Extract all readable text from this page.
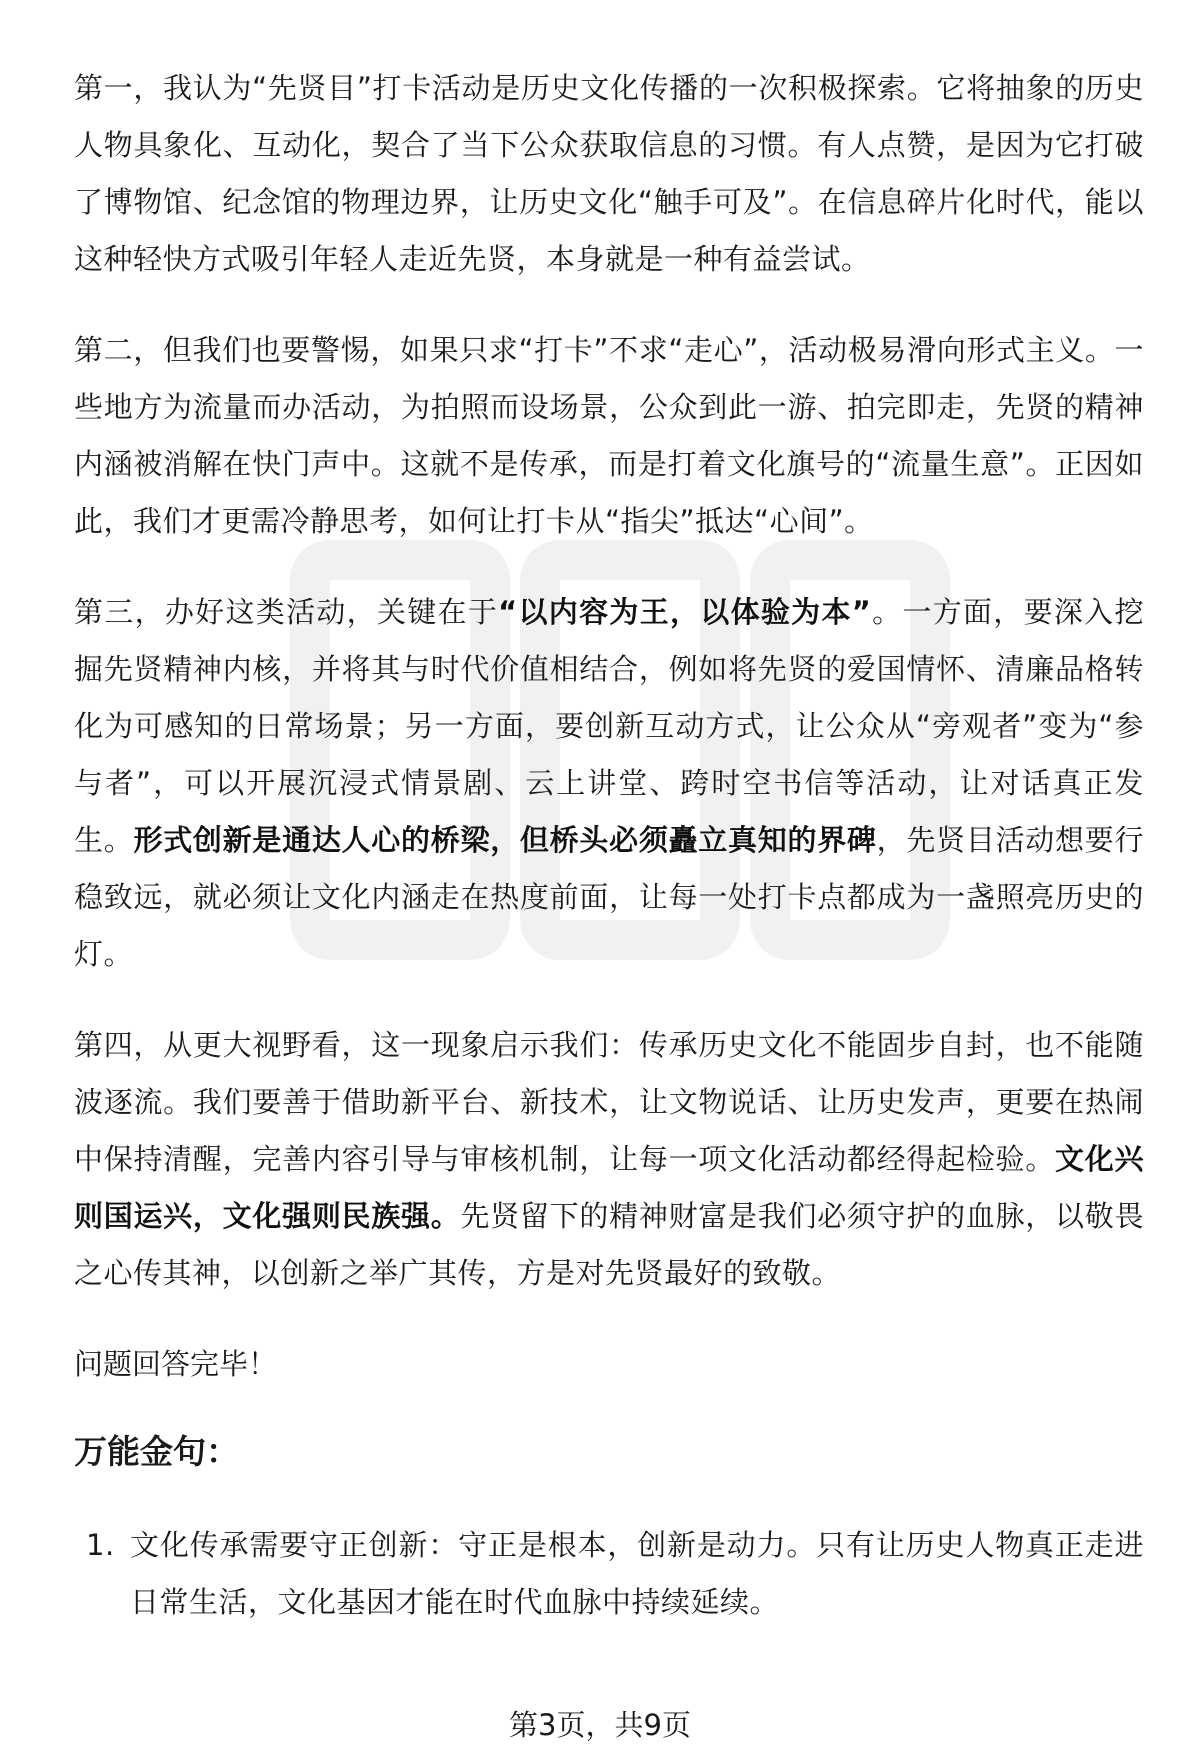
第一，我认为“先贤目”打卡活动是历史文化传播的一次积极探索。它将抽象的历史人物具象化、互动化，契合了当下公众获取信息的习惯。有人点赞，是因为它打破了博物馆、纪念馆的物理边界，让历史文化“触手可及”。在信息碎片化时代，能以这种轻快方式吸引年轻人走近先贤，本身就是一种有益尝试。

第二，但我们也要警惕，如果只求“打卡”不求“走心”，活动极易滑向形式主义。一些地方为流量而办活动，为拍照而设场景，公众到此一游、拍完即走，先贤的精神内涵被消解在快门声中。这就不是传承，而是打着文化旗号的“流量生意”。正因如此，我们才更需冷静思考，如何让打卡从“指尖”抵达“心间”。

第三，办好这类活动，关键在于“以内容为王，以体验为本”。一方面，要深入挖掘先贤精神内核，并将其与时代价值相结合，例如将先贤的爱国情怀、清廉品格转化为可感知的日常场景；另一方面，要创新互动方式，让公众从“旁观者”变为“参与者”，可以开展沉浸式情景剧、云上讲堂、跨时空书信等活动，让对话真正发生。形式创新是通达人心的桥梁，但桥头必须矗立真知的界碑，先贤目活动想要行稳致远，就必须让文化内涵走在热度前面，让每一处打卡点都成为一盏照亮历史的灯。

第四，从更大视野看，这一现象启示我们：传承历史文化不能固步自封，也不能随波逐流。我们要善于借助新平台、新技术，让文物说话、让历史发声，更要在热闹中保持清醒，完善内容引导与审核机制，让每一项文化活动都经得起检验。文化兴则国运兴，文化强则民族强。先贤留下的精神财富是我们必须守护的血脉，以敬畏之心传其神，以创新之举广其传，方是对先贤最好的致敬。

问题回答完毕！

万能金句：
1. 文化传承需要守正创新：守正是根本，创新是动力。只有让历史人物真正走进日常生活，文化基因才能在时代血脉中持续延续。
第3页，共9页
